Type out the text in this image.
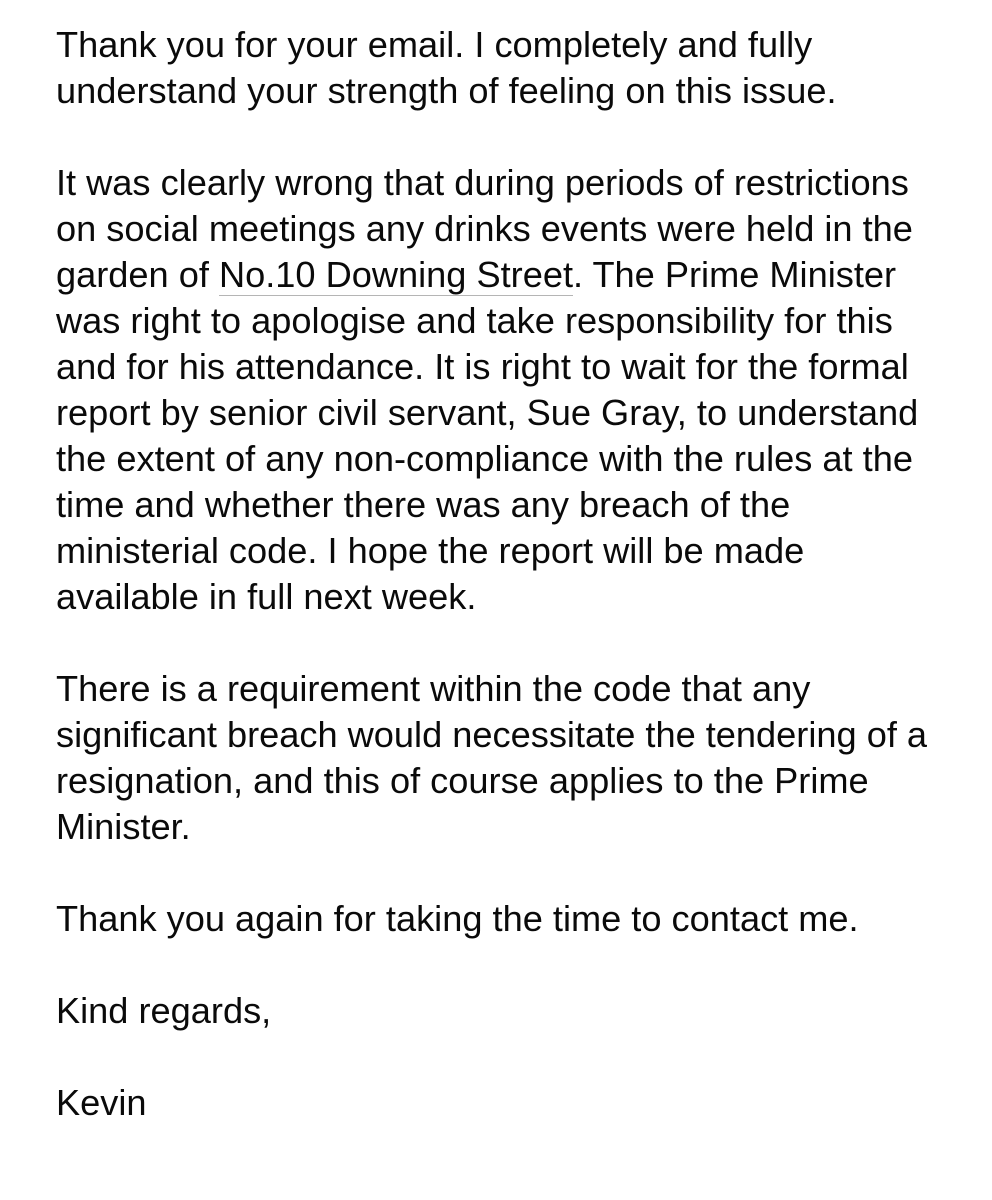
Thank you for your email. I completely and fully understand your strength of feeling on this issue.

It was clearly wrong that during periods of restrictions on social meetings any drinks events were held in the garden of No.10 Downing Street. The Prime Minister was right to apologise and take responsibility for this and for his attendance. It is right to wait for the formal report by senior civil servant, Sue Gray, to understand the extent of any non-compliance with the rules at the time and whether there was any breach of the ministerial code. I hope the report will be made available in full next week.

There is a requirement within the code that any significant breach would necessitate the tendering of a resignation, and this of course applies to the Prime Minister.

Thank you again for taking the time to contact me.

Kind regards,

Kevin
